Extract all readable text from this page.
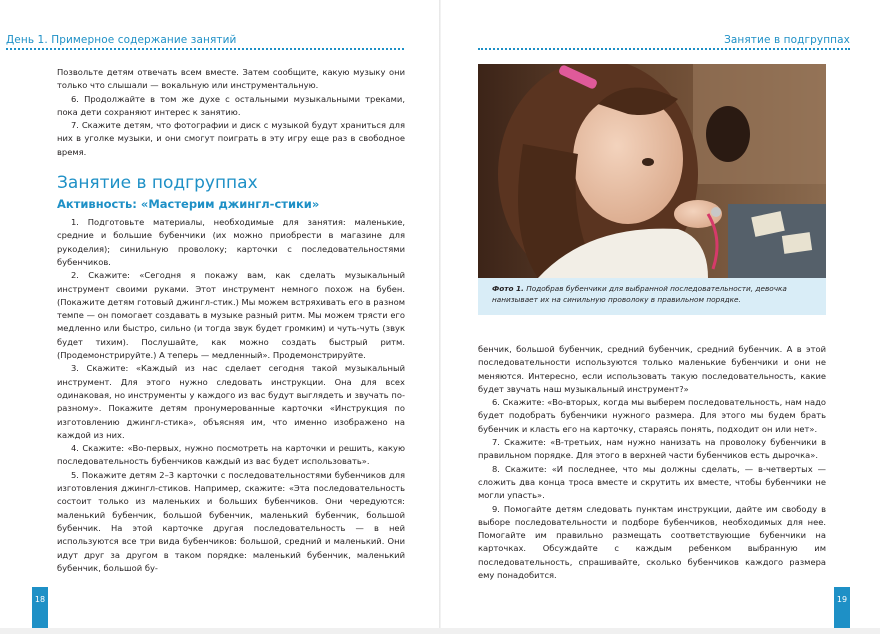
День 1. Примерное содержание занятий

Позвольте детям отвечать всем вместе. Затем сообщите, какую музыку они только что слышали — вокальную или инструментальную.

6. Продолжайте в том же духе с остальными музыкальными треками, пока дети сохраняют интерес к занятию.

7. Скажите детям, что фотографии и диск с музыкой будут храниться для них в уголке музыки, и они смогут поиграть в эту игру еще раз в свободное время.

Занятие в подгруппах
Активность: «Мастерим джингл-стики»

1. Подготовьте материалы, необходимые для занятия: маленькие, средние и большие бубенчики (их можно приобрести в магазине для рукоделия); синильную проволоку; карточки с последовательностями бубенчиков.

2. Скажите: «Сегодня я покажу вам, как сделать музыкальный инструмент своими руками. Этот инструмент немного похож на бубен. (Покажите детям готовый джингл-стик.) Мы можем встряхивать его в разном темпе — он помогает создавать в музыке разный ритм. Мы можем трясти его медленно или быстро, сильно (и тогда звук будет громким) и чуть-чуть (звук будет тихим). Послушайте, как можно создать быстрый ритм. (Продемонстрируйте.) А теперь — медленный». Продемонстрируйте.

3. Скажите: «Каждый из нас сделает сегодня такой музыкальный инструмент. Для этого нужно следовать инструкции. Она для всех одинаковая, но инструменты у каждого из вас будут выглядеть и звучать по-разному». Покажите детям пронумерованные карточки «Инструкция по изготовлению джингл-стика», объясняя им, что именно изображено на каждой из них.

4. Скажите: «Во-первых, нужно посмотреть на карточки и решить, какую последовательность бубенчиков каждый из вас будет использовать».

5. Покажите детям 2–3 карточки с последовательностями бубенчиков для изготовления джингл-стиков. Например, скажите: «Эта последовательность состоит только из маленьких и больших бубенчиков. Они чередуются: маленький бубенчик, большой бубенчик, маленький бубенчик, большой бубенчик. На этой карточке другая последовательность — в ней используются все три вида бубенчиков: большой, средний и маленький. Они идут друг за другом в таком порядке: маленький бубенчик, маленький бубенчик, большой бу-

18
Занятие в подгруппах
Фото 1. Подобрав бубенчики для выбранной последовательности, девочка нанизывает их на синильную проволоку в правильном порядке.

бенчик, большой бубенчик, средний бубенчик, средний бубенчик. А в этой последовательности используются только маленькие бубенчики и они не меняются. Интересно, если использовать такую последовательность, какие будет звучать наш музыкальный инструмент?»

6. Скажите: «Во-вторых, когда мы выберем последовательность, нам надо будет подобрать бубенчики нужного размера. Для этого мы будем брать бубенчик и класть его на карточку, стараясь понять, подходит он или нет».

7. Скажите: «В-третьих, нам нужно нанизать на проволоку бубенчики в правильном порядке. Для этого в верхней части бубенчиков есть дырочка».

8. Скажите: «И последнее, что мы должны сделать, — в-четвертых — сложить два конца троса вместе и скрутить их вместе, чтобы бубенчики не могли упасть».

9. Помогайте детям следовать пунктам инструкции, дайте им свободу в выборе последовательности и подборе бубенчиков, необходимых для нее. Помогайте им правильно размещать соответствующие бубенчики на карточках. Обсуждайте с каждым ребенком выбранную им последовательность, спрашивайте, сколько бубенчиков каждого размера ему понадобится.

19
